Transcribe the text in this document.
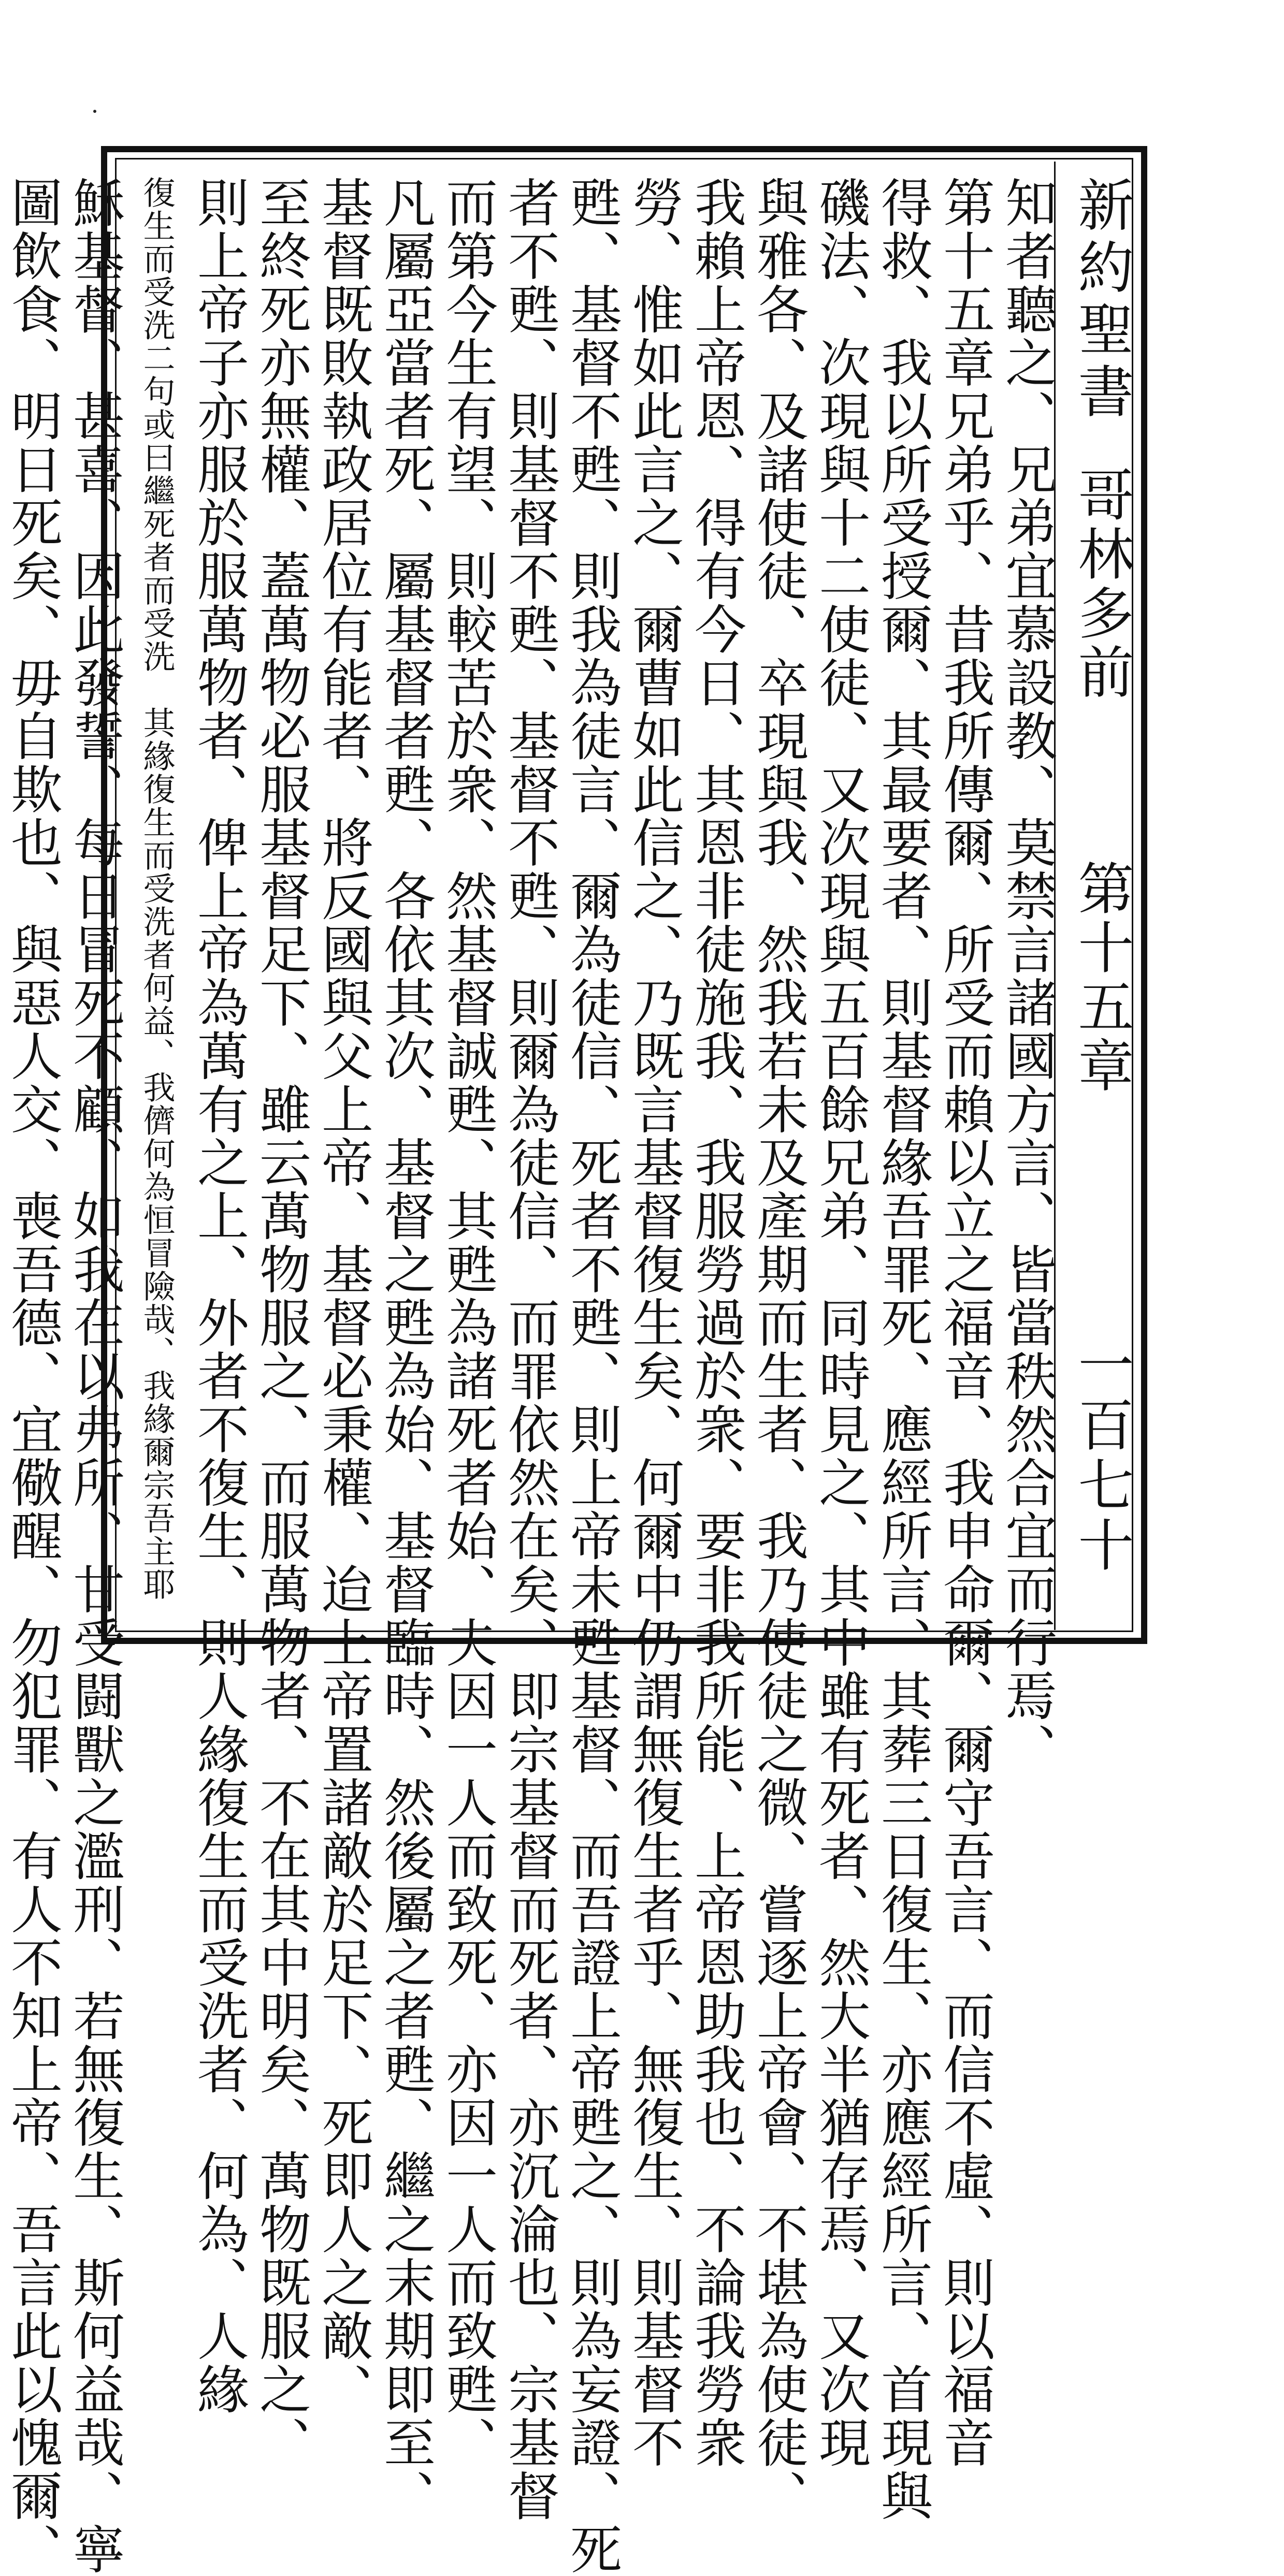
新約聖書
哥林多前
第十五章
一百七十
知者聽之、兄弟宜慕設教、莫禁言諸國方言、皆當秩然合宜而行焉、
第十五章兄弟乎、昔我所傳爾、所受而賴以立之福音、我申命爾、爾守吾言、而信不虛、則以福音
得救、我以所受授爾、其最要者、則基督緣吾罪死、應經所言、其葬三日復生、亦應經所言、首現與
磯法、次現與十二使徒、又次現與五百餘兄弟、同時見之、其中雖有死者、然大半猶存焉、又次現
與雅各、及諸使徒、卒現與我、然我若未及產期而生者、我乃使徒之微、嘗逐上帝會、不堪為使徒、
我賴上帝恩、得有今日、其恩非徒施我、我服勞過於衆、要非我所能、上帝恩助我也、不論我勞衆
勞、惟如此言之、爾曹如此信之、乃既言基督復生矣、何爾中仍謂無復生者乎、無復生、則基督不
甦、基督不甦、則我為徒言、爾為徒信、死者不甦、則上帝未甦基督、而吾證上帝甦之、則為妄證、死
者不甦、則基督不甦、基督不甦、則爾為徒信、而罪依然在矣、即宗基督而死者、亦沉淪也、宗基督
而第今生有望、則較苦於衆、然基督誠甦、其甦為諸死者始、夫因一人而致死、亦因一人而致甦、
凡屬亞當者死、屬基督者甦、各依其次、基督之甦為始、基督臨時、然後屬之者甦、繼之末期即至、
基督既敗執政居位有能者、將反國與父上帝、基督必秉權、迨上帝置諸敵於足下、死即人之敵、
至終死亦無權、蓋萬物必服基督足下、雖云萬物服之、而服萬物者、不在其中明矣、萬物既服之、
則上帝子亦服於服萬物者、俾上帝為萬有之上、外者不復生、則人緣復生而受洗者、何為、人緣
復生而受洗二句或曰繼死者而受洗　其緣復生而受洗者何益、我儕何為恒冒險哉、我緣爾宗吾主耶
穌基督、甚喜、因此發誓、每日冒死不顧、如我在以弗所、甘受闘獸之濫刑、若無復生、斯何益哉、寧
圖飲食、明日死矣、毋自欺也、與惡人交、喪吾德、宜儆醒、勿犯罪、有人不知上帝、吾言此以愧爾、
